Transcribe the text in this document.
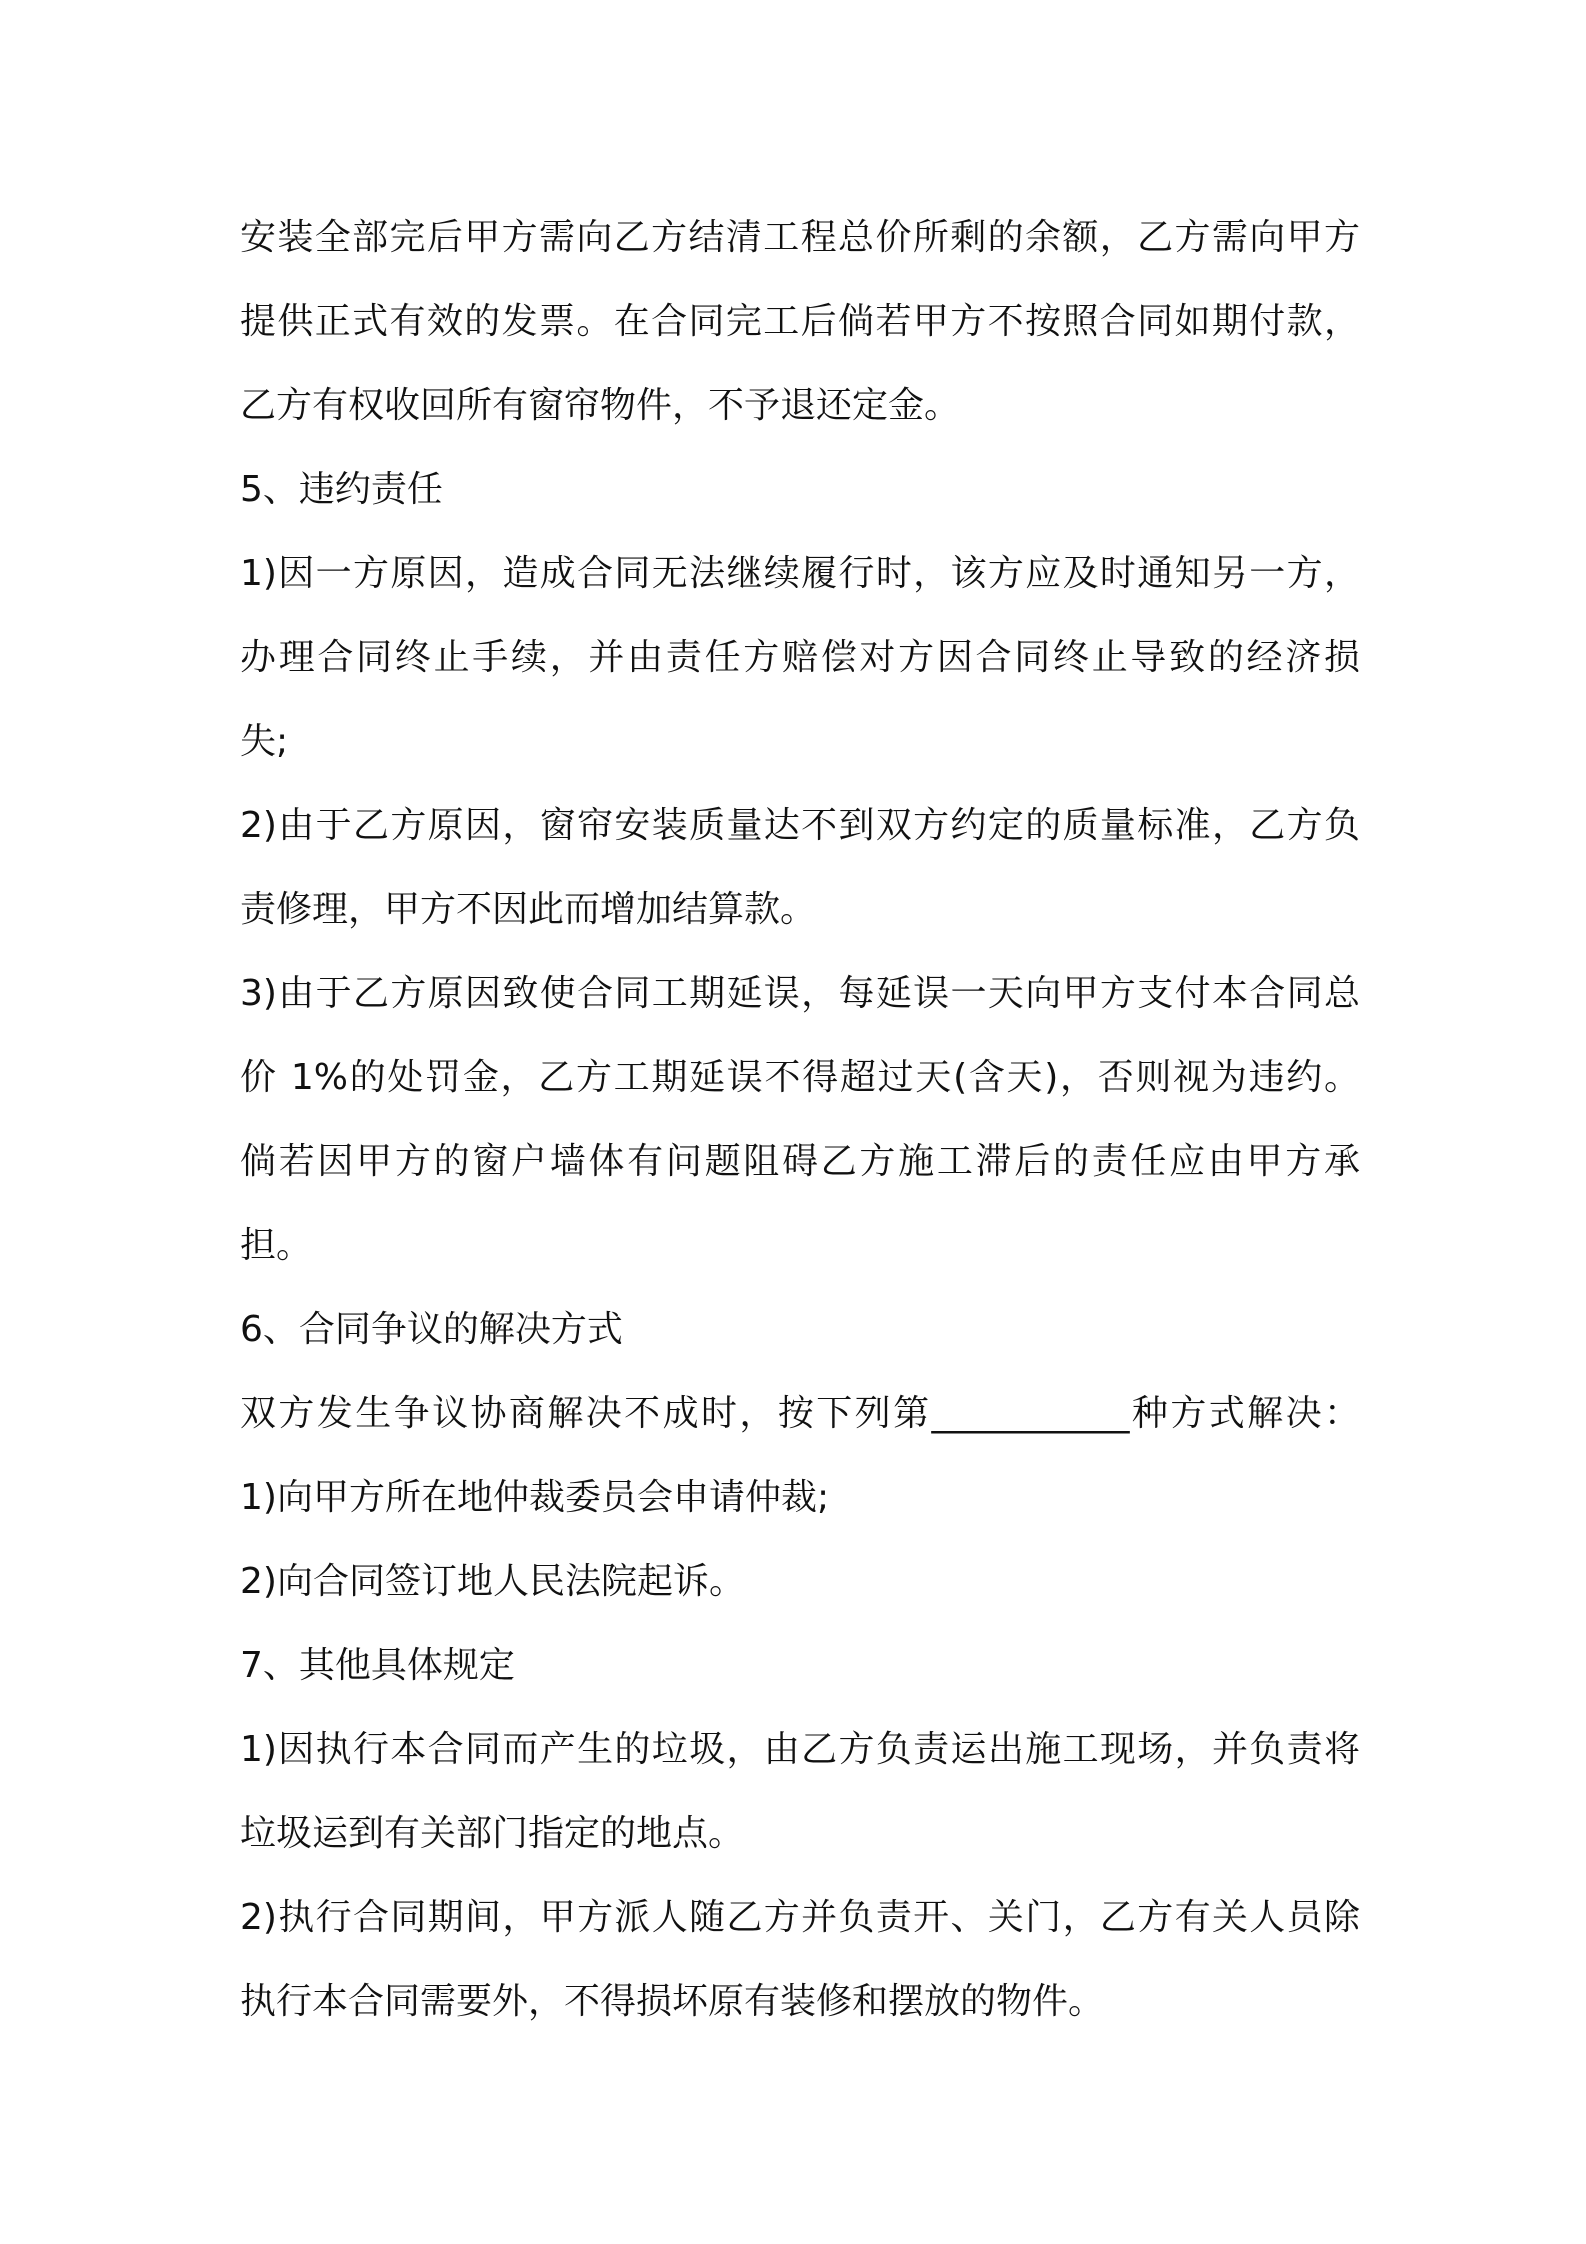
安装全部完后甲方需向乙方结清工程总价所剩的余额，乙方需向甲方
提供正式有效的发票。在合同完工后倘若甲方不按照合同如期付款，
乙方有权收回所有窗帘物件，不予退还定金。
5、违约责任
1)因一方原因，造成合同无法继续履行时，该方应及时通知另一方，
办理合同终止手续，并由责任方赔偿对方因合同终止导致的经济损
失;
2)由于乙方原因，窗帘安装质量达不到双方约定的质量标准，乙方负
责修理，甲方不因此而增加结算款。
3)由于乙方原因致使合同工期延误，每延误一天向甲方支付本合同总
价 1%的处罚金，乙方工期延误不得超过天(含天)，否则视为违约。
倘若因甲方的窗户墙体有问题阻碍乙方施工滞后的责任应由甲方承
担。
6、合同争议的解决方式
双方发生争议协商解决不成时，按下列第___________种方式解决：
1)向甲方所在地仲裁委员会申请仲裁;
2)向合同签订地人民法院起诉。
7、其他具体规定
1)因执行本合同而产生的垃圾，由乙方负责运出施工现场，并负责将
垃圾运到有关部门指定的地点。
2)执行合同期间，甲方派人随乙方并负责开、关门，乙方有关人员除
执行本合同需要外，不得损坏原有装修和摆放的物件。
